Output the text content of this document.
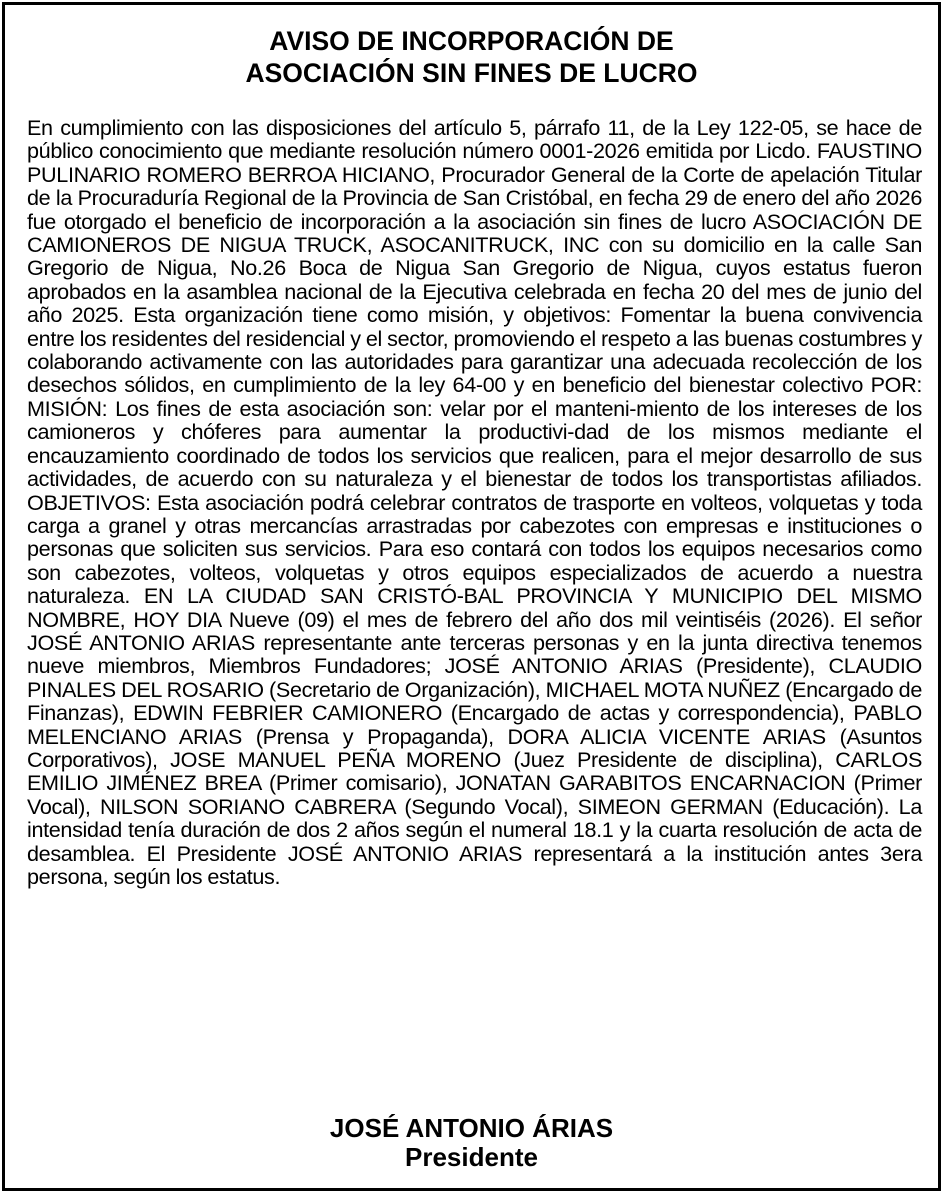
AVISO DE INCORPORACIÓN DE
ASOCIACIÓN SIN FINES DE LUCRO

En cumplimiento con las disposiciones del artículo 5, párrafo 11, de la Ley 122-05, se hace de público conocimiento que mediante resolución número 0001-2026 emitida por Licdo. FAUSTINO PULINARIO ROMERO BERROA HICIANO, Procurador General de la Corte de apelación Titular de la Procuraduría Regional de la Provincia de San Cristóbal, en fecha 29 de enero del año 2026 fue otorgado el beneficio de incorporación a la asociación sin fines de lucro ASOCIACIÓN DE CAMIONEROS DE NIGUA TRUCK, ASOCANITRUCK, INC con su domicilio en la calle San Gregorio de Nigua, No.26 Boca de Nigua San Gregorio de Nigua, cuyos estatus fueron aprobados en la asamblea nacional de la Ejecutiva celebrada en fecha 20 del mes de junio del año 2025. Esta organización tiene como misión, y objetivos: Fomentar la buena convivencia entre los residentes del residencial y el sector, promoviendo el respeto a las buenas costumbres y colaborando activamente con las autoridades para garantizar una adecuada recolección de los desechos sólidos, en cumplimiento de la ley 64-00 y en beneficio del bienestar colectivo POR: MISIÓN: Los fines de esta asociación son: velar por el manteni-miento de los intereses de los camioneros y chóferes para aumentar la productivi-dad de los mismos mediante el encauzamiento coordinado de todos los servicios que realicen, para el mejor desarrollo de sus actividades, de acuerdo con su naturaleza y el bienestar de todos los transportistas afiliados. OBJETIVOS: Esta asociación podrá celebrar contratos de trasporte en volteos, volquetas y toda carga a granel y otras mercancías arrastradas por cabezotes con empresas e instituciones o personas que soliciten sus servicios. Para eso contará con todos los equipos necesarios como son cabezotes, volteos, volquetas y otros equipos especializados de acuerdo a nuestra naturaleza. EN LA CIUDAD SAN CRISTÓ-BAL PROVINCIA Y MUNICIPIO DEL MISMO NOMBRE, HOY DIA Nueve (09) el mes de febrero del año dos mil veintiséis (2026). El señor JOSÉ ANTONIO ARIAS representante ante terceras personas y en la junta directiva tenemos nueve miembros, Miembros Fundadores; JOSÉ ANTONIO ARIAS (Presidente), CLAUDIO PINALES DEL ROSARIO (Secretario de Organización), MICHAEL MOTA NUÑEZ (Encargado de Finanzas), EDWIN FEBRIER CAMIONERO (Encargado de actas y correspondencia), PABLO MELENCIANO ARIAS (Prensa y Propaganda), DORA ALICIA VICENTE ARIAS (Asuntos Corporativos), JOSE MANUEL PEÑA MORENO (Juez Presidente de disciplina), CARLOS EMILIO JIMÉNEZ BREA (Primer comisario), JONATAN GARABITOS ENCARNACION (Primer Vocal), NILSON SORIANO CABRERA (Segundo Vocal), SIMEON GERMAN (Educación). La intensidad tenía duración de dos 2 años según el numeral 18.1 y la cuarta resolución de acta de desamblea. El Presidente JOSÉ ANTONIO ARIAS representará a la institución antes 3era persona, según los estatus.

JOSÉ ANTONIO ÁRIAS
Presidente
